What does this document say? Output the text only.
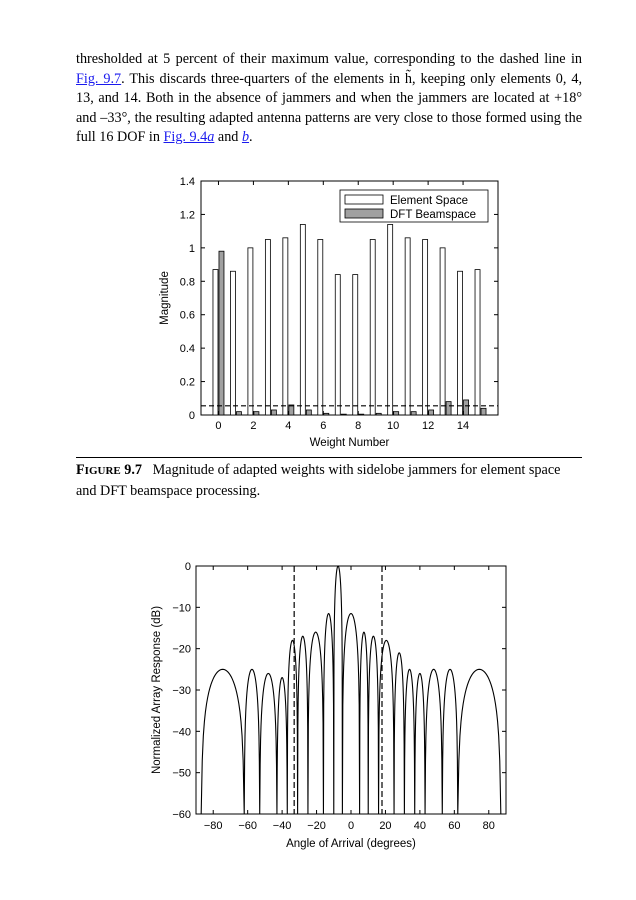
thresholded at 5 percent of their maximum value, corresponding to the dashed line in Fig. 9.7. This discards three-quarters of the elements in h̃, keeping only elements 0, 4, 13, and 14. Both in the absence of jammers and when the jammers are located at +18° and –33°, the resulting adapted antenna patterns are very close to those formed using the full 16 DOF in Fig. 9.4a and b.
0
0.2
0.4
0.6
0.8
1
1.2
1.4
0	2	4	6	8 10 12 14
Weight Number
Magnitude
Element Space
DFT Beamspace
FIGURE 9.7 Magnitude of adapted weights with sidelobe jammers for element space and DFT beamspace processing.
0
−10
−20
−30
−40
−50
−60
−80 −60 −40 −20 0 20 40 60 80
Angle of Arrival (degrees)
Normalized Array Response (dB)
